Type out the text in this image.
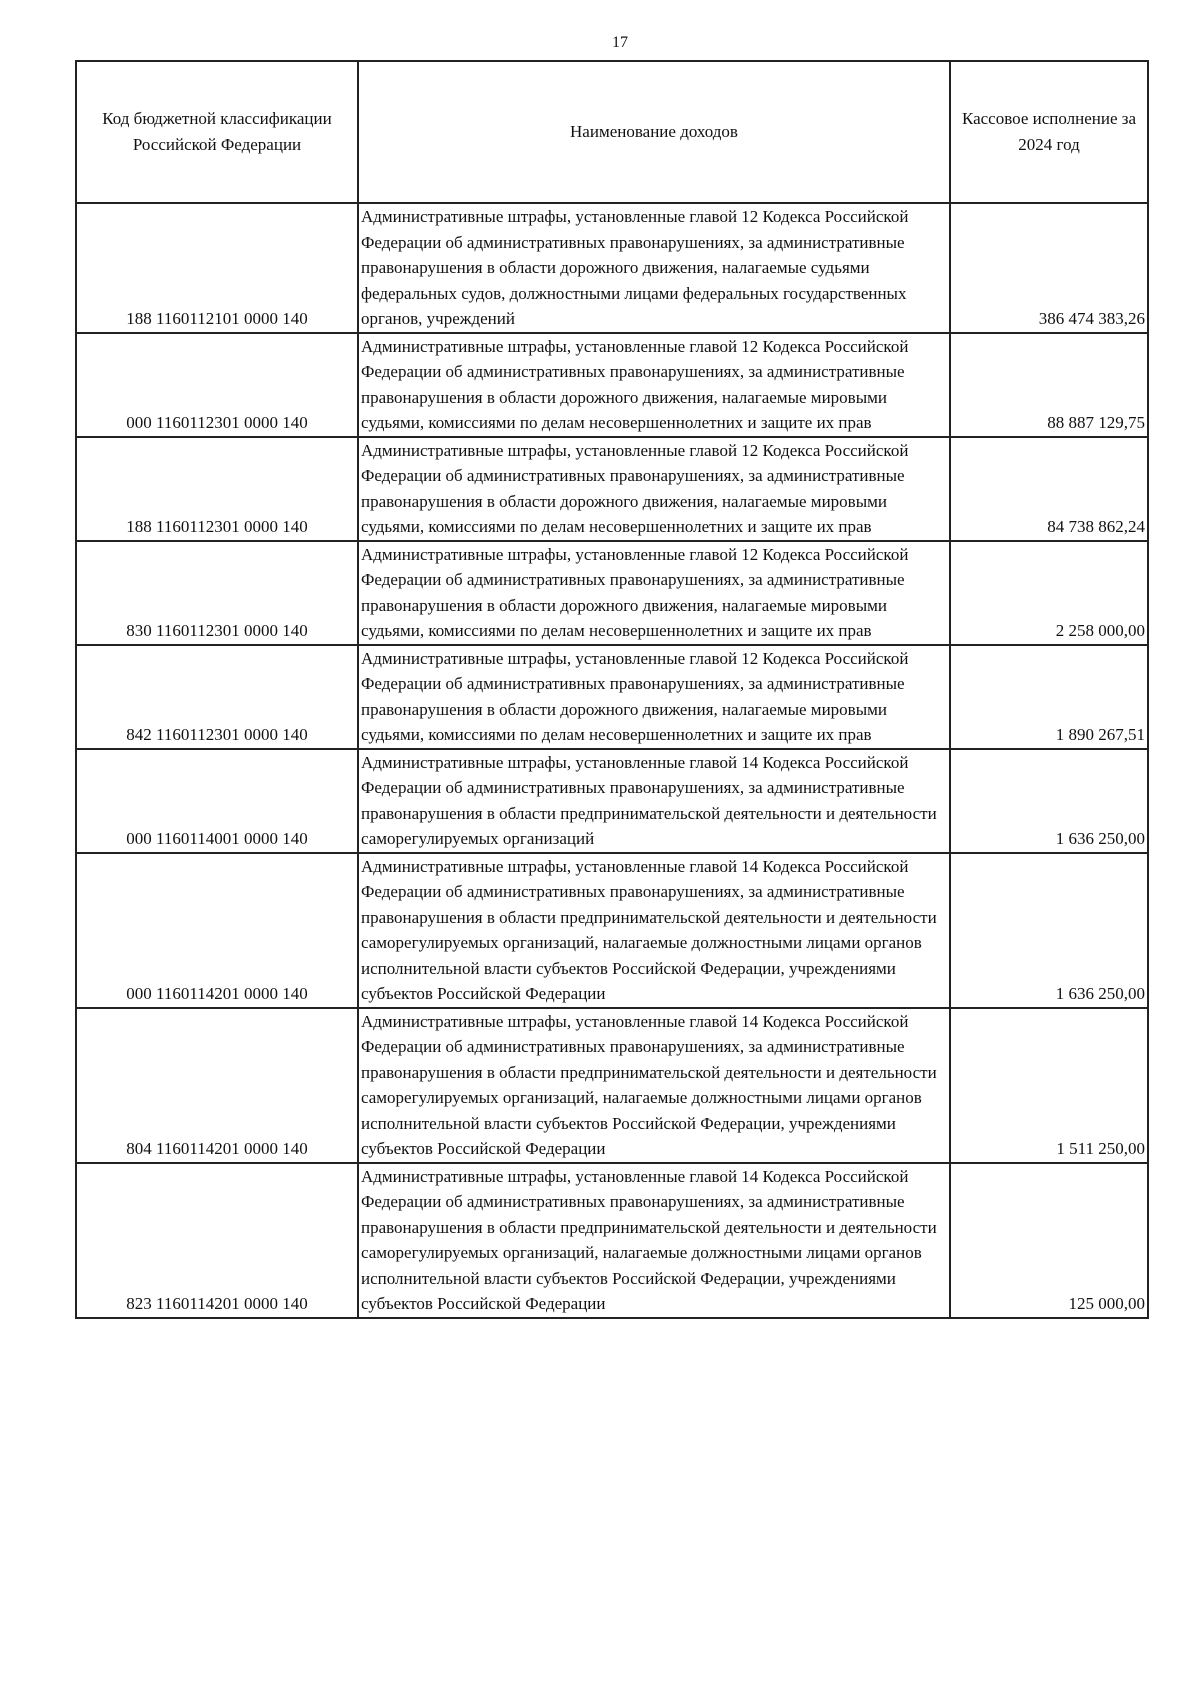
17
Код бюджетной классификации Российской Федерации	Наименование доходов	Кассовое исполнение за 2024 год
188 1160112101 0000 140	Административные штрафы, установленные главой 12 Кодекса Российской Федерации об административных правонарушениях, за административные правонарушения в области дорожного движения, налагаемые судьями федеральных судов, должностными лицами федеральных государственных органов, учреждений	386 474 383,26
000 1160112301 0000 140	Административные штрафы, установленные главой 12 Кодекса Российской Федерации об административных правонарушениях, за административные правонарушения в области дорожного движения, налагаемые мировыми судьями, комиссиями по делам несовершеннолетних и защите их прав	88 887 129,75
188 1160112301 0000 140	Административные штрафы, установленные главой 12 Кодекса Российской Федерации об административных правонарушениях, за административные правонарушения в области дорожного движения, налагаемые мировыми судьями, комиссиями по делам несовершеннолетних и защите их прав	84 738 862,24
830 1160112301 0000 140	Административные штрафы, установленные главой 12 Кодекса Российской Федерации об административных правонарушениях, за административные правонарушения в области дорожного движения, налагаемые мировыми судьями, комиссиями по делам несовершеннолетних и защите их прав	2 258 000,00
842 1160112301 0000 140	Административные штрафы, установленные главой 12 Кодекса Российской Федерации об административных правонарушениях, за административные правонарушения в области дорожного движения, налагаемые мировыми судьями, комиссиями по делам несовершеннолетних и защите их прав	1 890 267,51
000 1160114001 0000 140	Административные штрафы, установленные главой 14 Кодекса Российской Федерации об административных правонарушениях, за административные правонарушения в области предпринимательской деятельности и деятельности саморегулируемых организаций	1 636 250,00
000 1160114201 0000 140	Административные штрафы, установленные главой 14 Кодекса Российской Федерации об административных правонарушениях, за административные правонарушения в области предпринимательской деятельности и деятельности саморегулируемых организаций, налагаемые должностными лицами органов исполнительной власти субъектов Российской Федерации, учреждениями субъектов Российской Федерации	1 636 250,00
804 1160114201 0000 140	Административные штрафы, установленные главой 14 Кодекса Российской Федерации об административных правонарушениях, за административные правонарушения в области предпринимательской деятельности и деятельности саморегулируемых организаций, налагаемые должностными лицами органов исполнительной власти субъектов Российской Федерации, учреждениями субъектов Российской Федерации	1 511 250,00
823 1160114201 0000 140	Административные штрафы, установленные главой 14 Кодекса Российской Федерации об административных правонарушениях, за административные правонарушения в области предпринимательской деятельности и деятельности саморегулируемых организаций, налагаемые должностными лицами органов исполнительной власти субъектов Российской Федерации, учреждениями субъектов Российской Федерации	125 000,00
